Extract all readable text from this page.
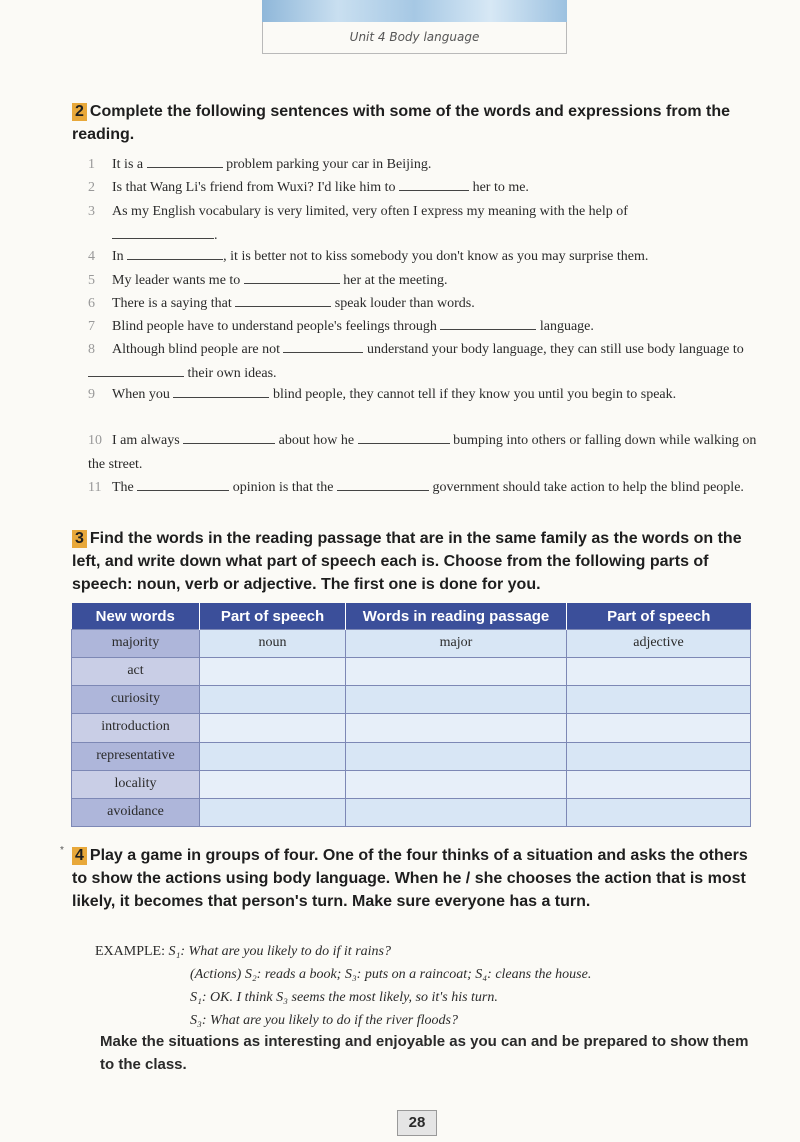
Unit 4 Body language
2 Complete the following sentences with some of the words and expressions from the reading.
1 It is a	problem parking your car in Beijing.
2 Is that Wang Li's friend from Wuxi? I'd like him to	her to me.
3 As my English vocabulary is very limited, very often I express my meaning with the help of
.
4 In	, it is better not to kiss somebody you don't know as you may surprise them.
5 My leader wants me to	her at the meeting.
6 There is a saying that	speak louder than words.
7 Blind people have to understand people's feelings through	language.
8 Although blind people are not	understand your body language, they can still use body language to  their own ideas.
9 When you	blind people, they cannot tell if they know you until you begin to speak.
10 I am always	about how he	bumping into others or falling down while walking on the street.
11 The	opinion is that the	government should take action to help the blind people.
3 Find the words in the reading passage that are in the same family as the words on the left, and write down what part of speech each is. Choose from the following parts of speech: noun, verb or adjective. The first one is done for you.
New words	Part of speech	Words in reading passage	Part of speech
majority	noun	major	adjective
act			
curiosity			
introduction			
representative			
locality			
avoidance			
* 4 Play a game in groups of four. One of the four thinks of a situation and asks the others to show the actions using body language. When he / she chooses the action that is most likely, it becomes that person's turn. Make sure everyone has a turn.
EXAMPLE: S₁: What are you likely to do if it rains?
(Actions) S₂: reads a book; S₃: puts on a raincoat; S₄: cleans the house.
S₁: OK. I think S₃ seems the most likely, so it's his turn.
S₃: What are you likely to do if the river floods?
Make the situations as interesting and enjoyable as you can and be prepared to show them to the class.
28
